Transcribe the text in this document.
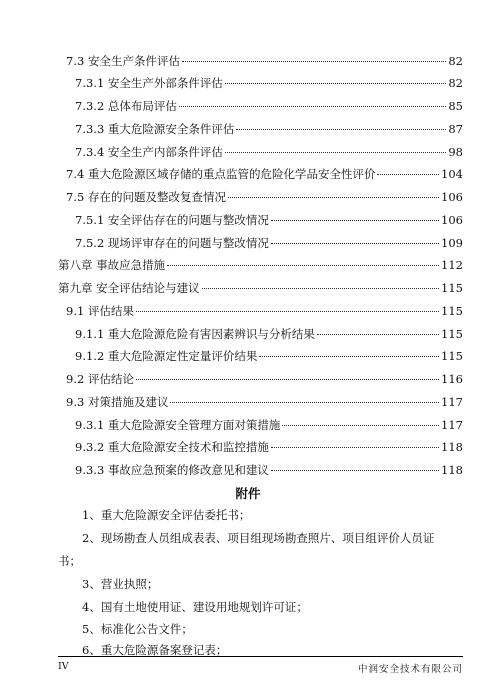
7.3 安全生产条件评估	82
7.3.1 安全生产外部条件评估	82
7.3.2 总体布局评估	85
7.3.3 重大危险源安全条件评估	87
7.3.4 安全生产内部条件评估	98
7.4 重大危险源区域存储的重点监管的危险化学品安全性评价	104
7.5 存在的问题及整改复查情况	106
7.5.1 安全评估存在的问题与整改情况	106
7.5.2 现场评审存在的问题与整改情况	109
第八章 事故应急措施	112
第九章 安全评估结论与建议	115
9.1 评估结果	115
9.1.1 重大危险源危险有害因素辨识与分析结果	115
9.1.2 重大危险源定性定量评价结果	115
9.2 评估结论	116
9.3 对策措施及建议	117
9.3.1 重大危险源安全管理方面对策措施	117
9.3.2 重大危险源安全技术和监控措施	118
9.3.3 事故应急预案的修改意见和建议	118
附件
1、重大危险源安全评估委托书；
2、现场勘查人员组成表表、项目组现场勘查照片、项目组评价人员证
书；
3、营业执照；
4、国有土地使用证、建设用地规划许可证；
5、标准化公告文件；
6、重大危险源备案登记表；
IV	中润安全技术有限公司
